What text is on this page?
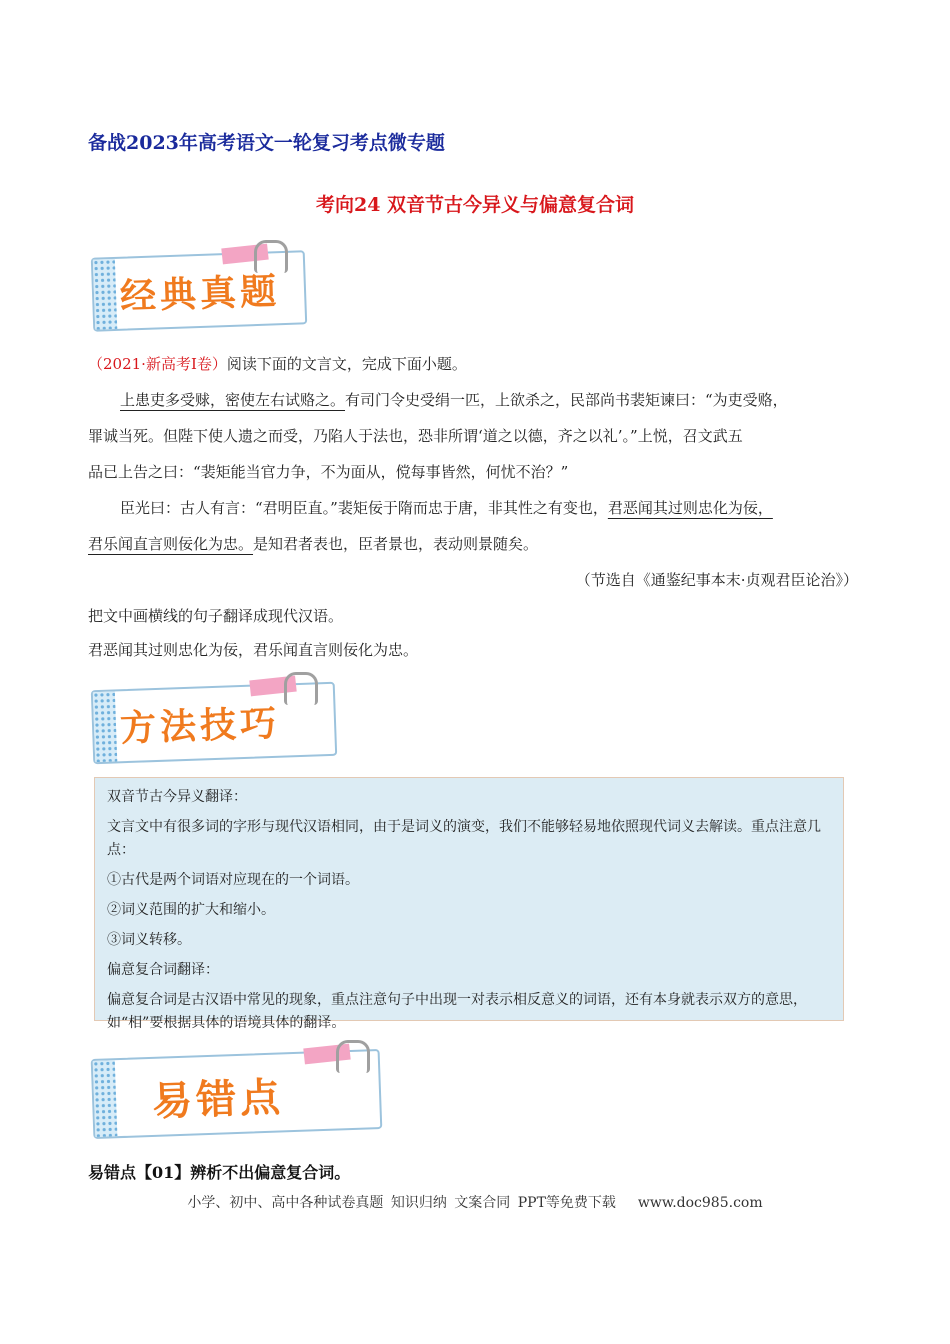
备战2023年高考语文一轮复习考点微专题
考向24 双音节古今异义与偏意复合词
经典真题
（2021·新高考Ⅰ卷）阅读下面的文言文，完成下面小题。
上患吏多受赇，密使左右试赂之。有司门令史受绢一匹，上欲杀之，民部尚书裴矩谏曰：“为吏受赂，
罪诚当死。但陛下使人遗之而受，乃陷人于法也，恐非所谓‘道之以德，齐之以礼’。”上悦，召文武五
品已上告之曰：“裴矩能当官力争，不为面从，傥每事皆然，何忧不治？”
臣光曰：古人有言：“君明臣直。”裴矩佞于隋而忠于唐，非其性之有变也，君恶闻其过则忠化为佞，
君乐闻直言则佞化为忠。是知君者表也，臣者景也，表动则景随矣。
（节选自《通鉴纪事本末·贞观君臣论治》）
把文中画横线的句子翻译成现代汉语。
君恶闻其过则忠化为佞，君乐闻直言则佞化为忠。
方法技巧
双音节古今异义翻译：
文言文中有很多词的字形与现代汉语相同，由于是词义的演变，我们不能够轻易地依照现代词义去解读。重点注意几点：
①古代是两个词语对应现在的一个词语。
②词义范围的扩大和缩小。
③词义转移。
偏意复合词翻译：
偏意复合词是古汉语中常见的现象，重点注意句子中出现一对表示相反意义的词语，还有本身就表示双方的意思，如“相”要根据具体的语境具体的翻译。
易错点
易错点【01】辨析不出偏意复合词。
小学、初中、高中各种试卷真题 知识归纳 文案合同 PPT等免费下载 www.doc985.com
